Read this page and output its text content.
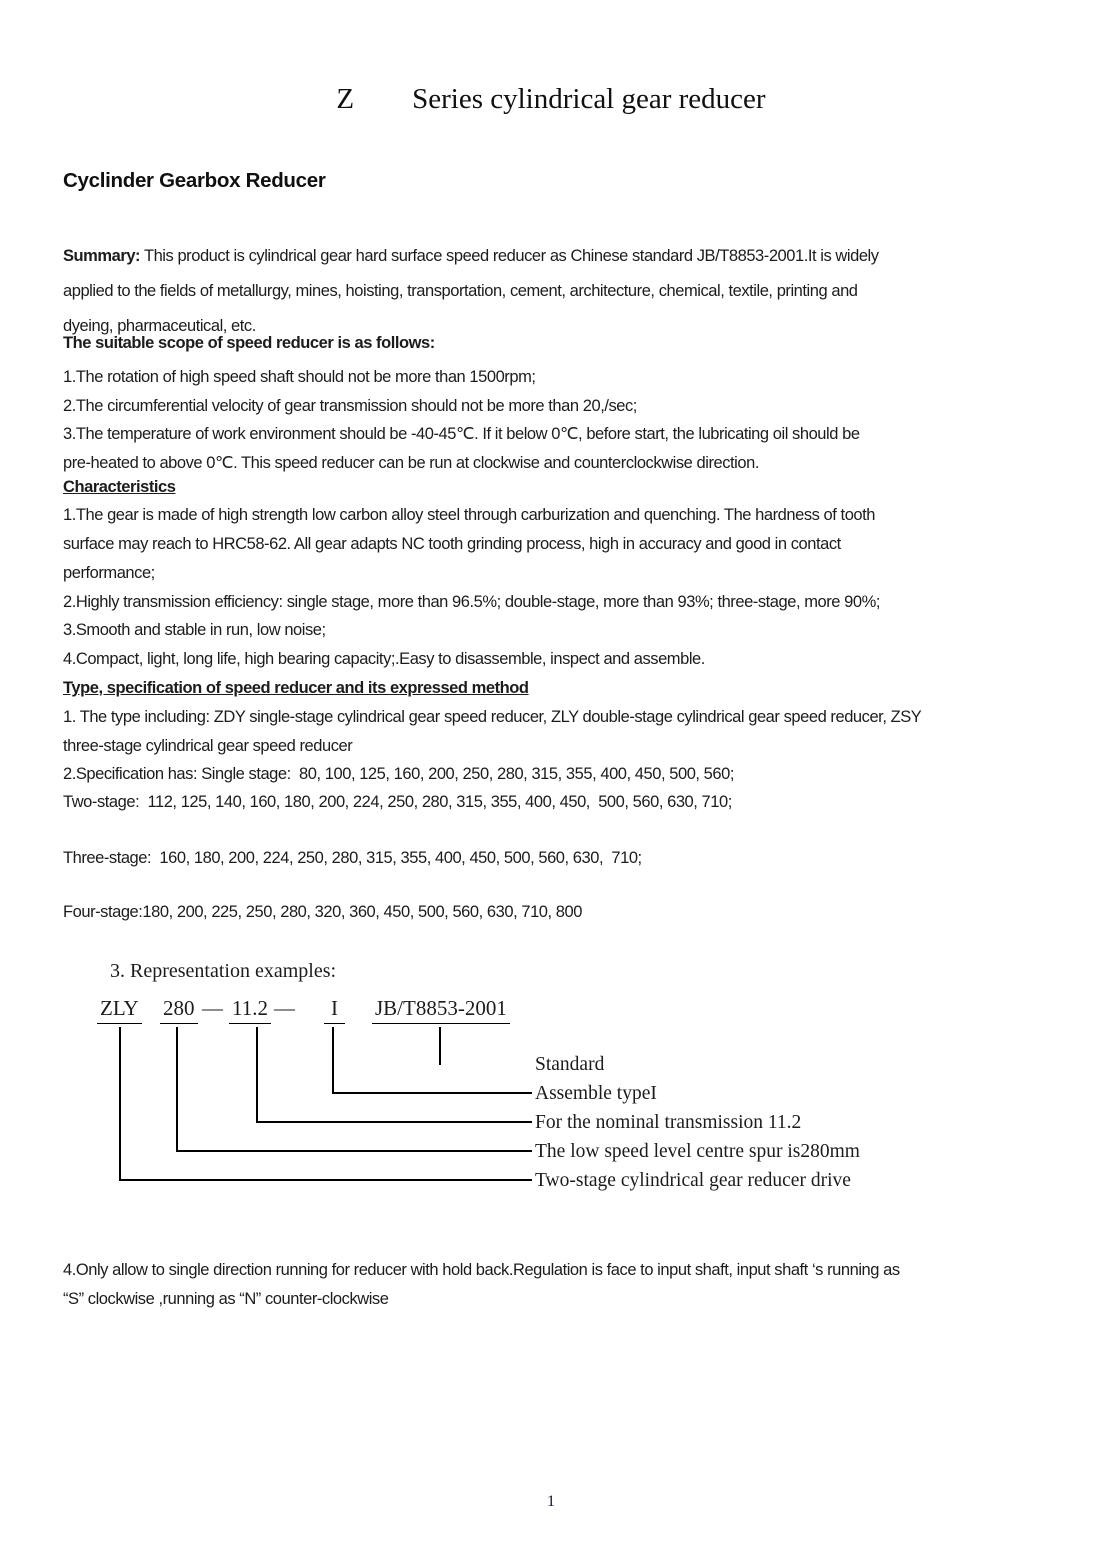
Z        Series cylindrical gear reducer
Cyclinder Gearbox Reducer
Summary: This product is cylindrical gear hard surface speed reducer as Chinese standard JB/T8853-2001.It is widely
applied to the fields of metallurgy, mines, hoisting, transportation, cement, architecture, chemical, textile, printing and
dyeing, pharmaceutical, etc.
The suitable scope of speed reducer is as follows:
1.The rotation of high speed shaft should not be more than 1500rpm;
2.The circumferential velocity of gear transmission should not be more than 20,/sec;
3.The temperature of work environment should be -40-45℃. If it below 0℃, before start, the lubricating oil should be
pre-heated to above 0℃. This speed reducer can be run at clockwise and counterclockwise direction.
Characteristics
1.The gear is made of high strength low carbon alloy steel through carburization and quenching. The hardness of tooth
surface may reach to HRC58-62. All gear adapts NC tooth grinding process, high in accuracy and good in contact
performance;
2.Highly transmission efficiency: single stage, more than 96.5%; double-stage, more than 93%; three-stage, more 90%;
3.Smooth and stable in run, low noise;
4.Compact, light, long life, high bearing capacity;.Easy to disassemble, inspect and assemble.
Type, specification of speed reducer and its expressed method
1. The type including: ZDY single-stage cylindrical gear speed reducer, ZLY double-stage cylindrical gear speed reducer, ZSY
three-stage cylindrical gear speed reducer
2.Specification has: Single stage:  80, 100, 125, 160, 200, 250, 280, 315, 355, 400, 450, 500, 560;
Two-stage:  112, 125, 140, 160, 180, 200, 224, 250, 280, 315, 355, 400, 450,  500, 560, 630, 710;
Three-stage:  160, 180, 200, 224, 250, 280, 315, 355, 400, 450, 500, 560, 630,  710;
Four-stage:180, 200, 225, 250, 280, 320, 360, 450, 500, 560, 630, 710, 800
3. Representation examples:
ZLY 280 — 11.2 —	I	JB/T8853-2001
Standard
Assemble typeI
For the nominal transmission 11.2
The low speed level centre spur is280mm
Two-stage cylindrical gear reducer drive
4.Only allow to single direction running for reducer with hold back.Regulation is face to input shaft, input shaft ‘s running as
“S” clockwise ,running as “N” counter-clockwise
1
